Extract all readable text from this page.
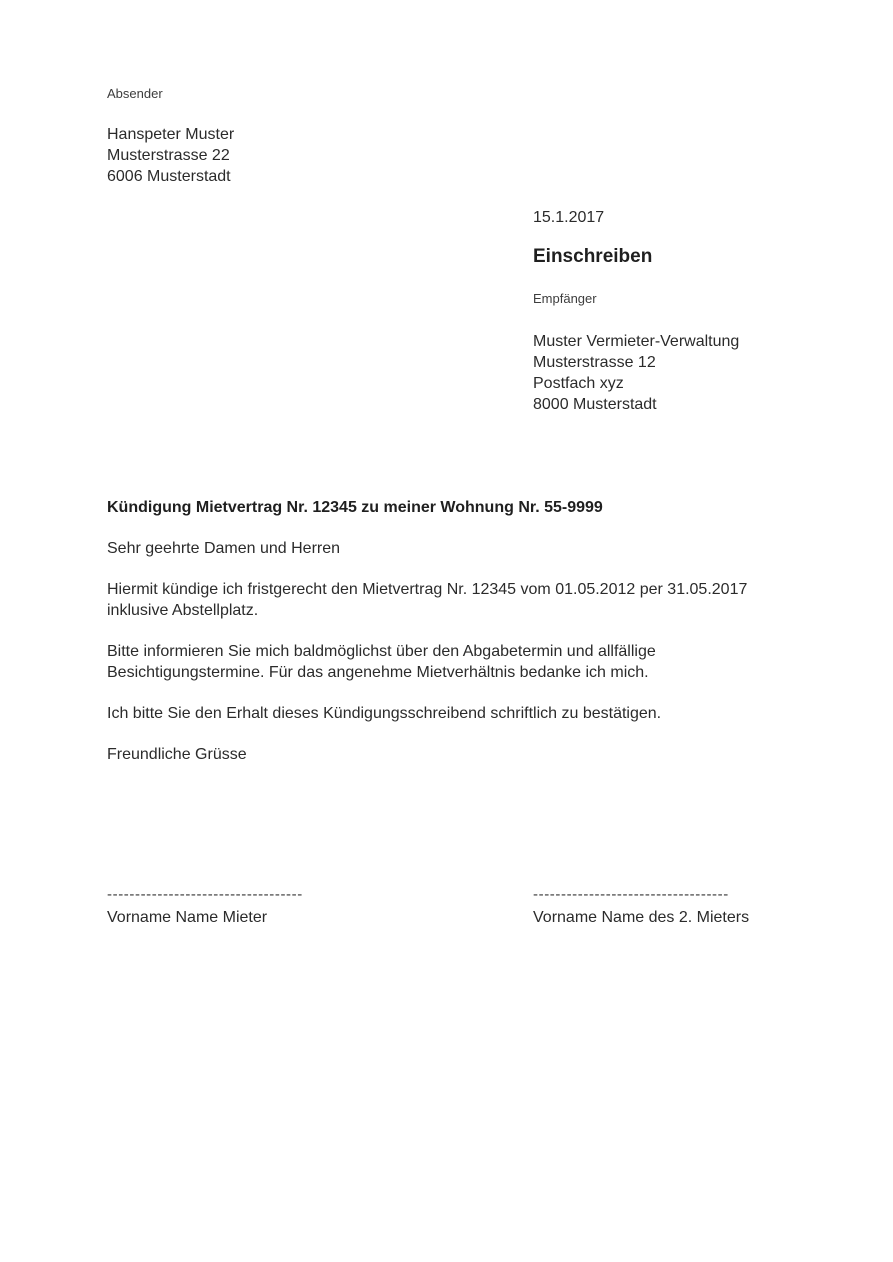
Absender
Hanspeter Muster
Musterstrasse 22
6006 Musterstadt
15.1.2017
Einschreiben
Empfänger
Muster Vermieter-Verwaltung
Musterstrasse 12
Postfach xyz
8000 Musterstadt

Kündigung Mietvertrag Nr. 12345 zu meiner Wohnung Nr. 55-9999

Sehr geehrte Damen und Herren

Hiermit kündige ich fristgerecht den Mietvertrag Nr. 12345 vom 01.05.2012 per 31.05.2017 inklusive Abstellplatz.

Bitte informieren Sie mich baldmöglichst über den Abgabetermin und allfällige Besichtigungstermine. Für das angenehme Mietverhältnis bedanke ich mich.

Ich bitte Sie den Erhalt dieses Kündigungsschreibend schriftlich zu bestätigen.

Freundliche Grüsse

-----------------------------------
Vorname Name Mieter
-----------------------------------
Vorname Name des 2. Mieters
